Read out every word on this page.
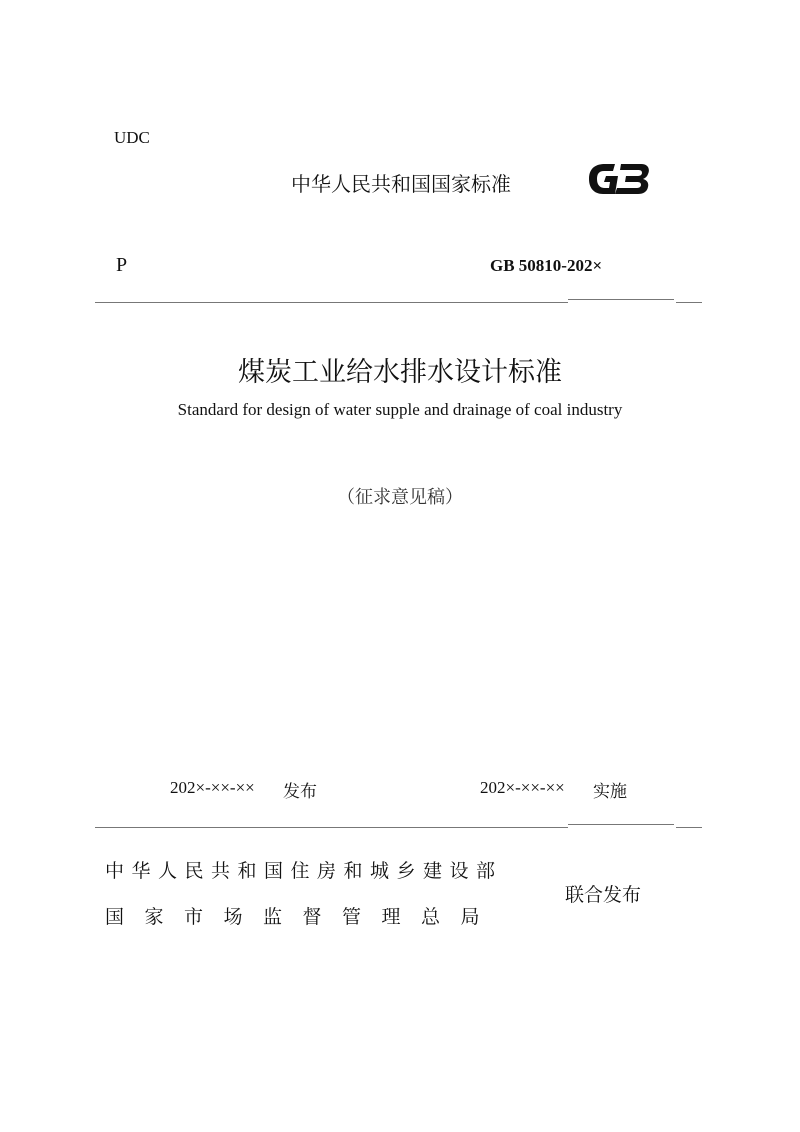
UDC
中华人民共和国国家标准
P	GB 50810-202×
煤炭工业给水排水设计标准
Standard for design of water supple and drainage of coal industry
（征求意见稿）
202×-××-×× 发布	202×-××-×× 实施
中华人民共和国住房和城乡建设部
国家市场监督管理总局
联合发布
